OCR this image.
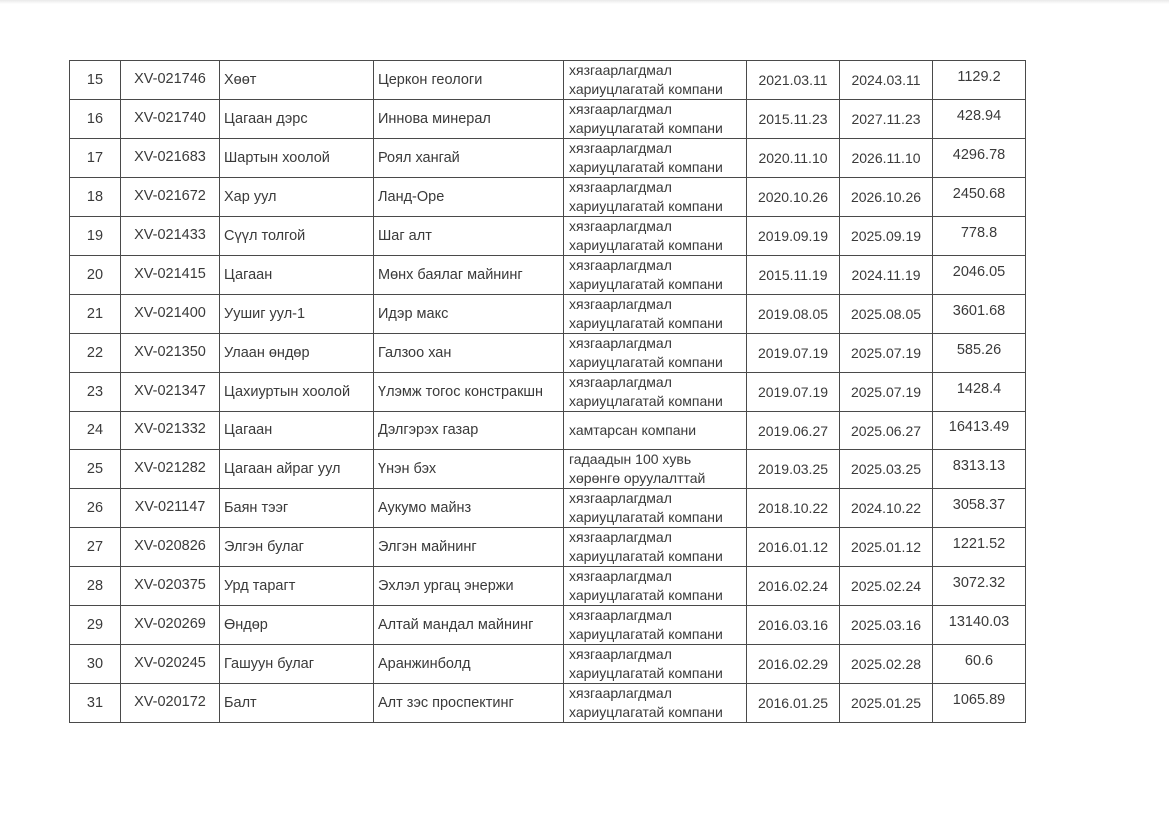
15	XV-021746	Хөөт	Церкон геологи	хязгаарлагдмал
хариуцлагатай компани	2021.03.11	2024.03.11	1129.2

16	XV-021740	Цагаан дэрс	Иннова минерал	хязгаарлагдмал
хариуцлагатай компани	2015.11.23	2027.11.23	428.94

17	XV-021683	Шартын хоолой	Роял хангай	хязгаарлагдмал
хариуцлагатай компани	2020.11.10	2026.11.10	4296.78

18	XV-021672	Хар уул	Ланд-Оре	хязгаарлагдмал
хариуцлагатай компани	2020.10.26	2026.10.26	2450.68

19	XV-021433	Сүүл толгой	Шаг алт	хязгаарлагдмал
хариуцлагатай компани	2019.09.19	2025.09.19	778.8

20	XV-021415	Цагаан	Мөнх баялаг майнинг	хязгаарлагдмал
хариуцлагатай компани	2015.11.19	2024.11.19	2046.05

21	XV-021400	Уушиг уул-1	Идэр макс	хязгаарлагдмал
хариуцлагатай компани	2019.08.05	2025.08.05	3601.68

22	XV-021350	Улаан өндөр	Галзоо хан	хязгаарлагдмал
хариуцлагатай компани	2019.07.19	2025.07.19	585.26

23	XV-021347	Цахиуртын хоолой	Үлэмж тогос констракшн	хязгаарлагдмал
хариуцлагатай компани	2019.07.19	2025.07.19	1428.4

24	XV-021332	Цагаан	Дэлгэрэх газар	хамтарсан компани	2019.06.27	2025.06.27	16413.49

25	XV-021282	Цагаан айраг уул	Үнэн бэх	гадаадын 100 хувь
хөрөнгө оруулалттай	2019.03.25	2025.03.25	8313.13

26	XV-021147	Баян тээг	Аукумо майнз	хязгаарлагдмал
хариуцлагатай компани	2018.10.22	2024.10.22	3058.37

27	XV-020826	Элгэн булаг	Элгэн майнинг	хязгаарлагдмал
хариуцлагатай компани	2016.01.12	2025.01.12	1221.52

28	XV-020375	Урд тарагт	Эхлэл ургац энержи	хязгаарлагдмал
хариуцлагатай компани	2016.02.24	2025.02.24	3072.32

29	XV-020269	Өндөр	Алтай мандал майнинг	хязгаарлагдмал
хариуцлагатай компани	2016.03.16	2025.03.16	13140.03

30	XV-020245	Гашуун булаг	Аранжинболд	хязгаарлагдмал
хариуцлагатай компани	2016.02.29	2025.02.28	60.6

31	XV-020172	Балт	Алт зэс проспектинг	хязгаарлагдмал
хариуцлагатай компани	2016.01.25	2025.01.25	1065.89
